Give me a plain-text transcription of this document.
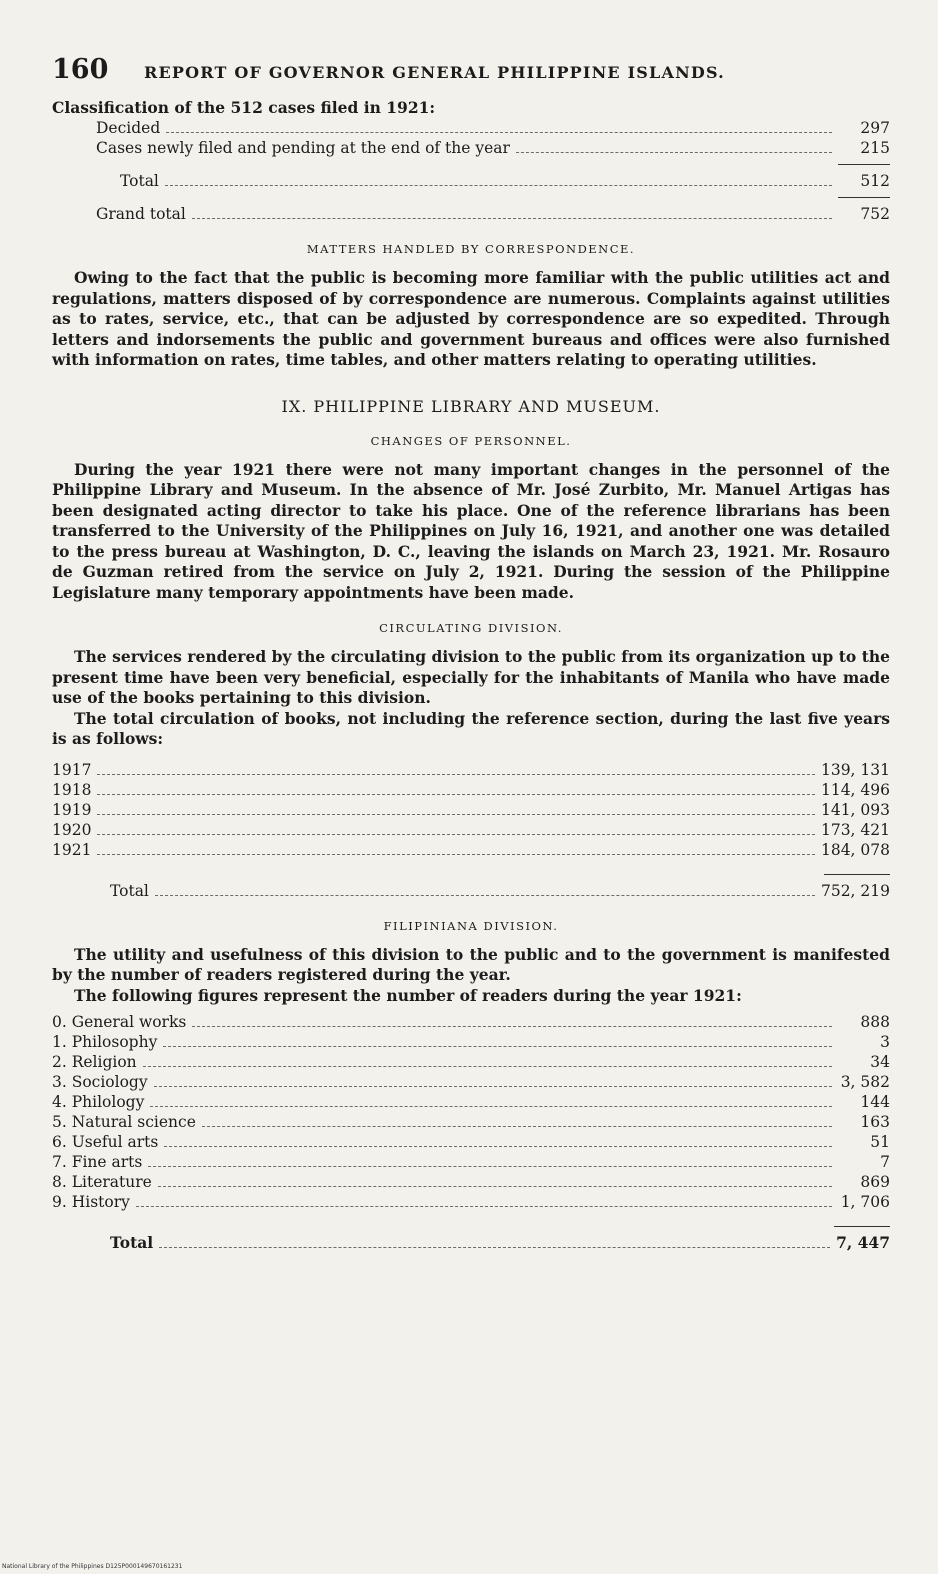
160	REPORT OF GOVERNOR GENERAL PHILIPPINE ISLANDS.
Classification of the 512 cases filed in 1921:
Decided	297
Cases newly filed and pending at the end of the year	215
Total	512
Grand total	752
MATTERS HANDLED BY CORRESPONDENCE.

Owing to the fact that the public is becoming more familiar with the public utilities act and regulations, matters disposed of by correspondence are numerous. Complaints against utilities as to rates, service, etc., that can be adjusted by correspondence are so expedited. Through letters and indorsements the public and government bureaus and offices were also furnished with information on rates, time tables, and other matters relating to operating utilities.

IX. PHILIPPINE LIBRARY AND MUSEUM.
CHANGES OF PERSONNEL.

During the year 1921 there were not many important changes in the personnel of the Philippine Library and Museum. In the absence of Mr. José Zurbito, Mr. Manuel Artigas has been designated acting director to take his place. One of the reference librarians has been transferred to the University of the Philippines on July 16, 1921, and another one was detailed to the press bureau at Washington, D. C., leaving the islands on March 23, 1921. Mr. Rosauro de Guzman retired from the service on July 2, 1921. During the session of the Philippine Legislature many temporary appointments have been made.

CIRCULATING DIVISION.

The services rendered by the circulating division to the public from its organization up to the present time have been very beneficial, especially for the inhabitants of Manila who have made use of the books pertaining to this division.

The total circulation of books, not including the reference section, during the last five years is as follows:

1917	139, 131
1918	114, 496
1919	141, 093
1920	173, 421
1921	184, 078
Total	752, 219
FILIPINIANA DIVISION.

The utility and usefulness of this division to the public and to the government is manifested by the number of readers registered during the year.

The following figures represent the number of readers during the year 1921:

0. General works	888
1. Philosophy	3
2. Religion	34
3. Sociology	3, 582
4. Philology	144
5. Natural science	163
6. Useful arts	51
7. Fine arts	7
8. Literature	869
9. History	1, 706
Total	7, 447
National Library of the Philippines D125P000149670161231
